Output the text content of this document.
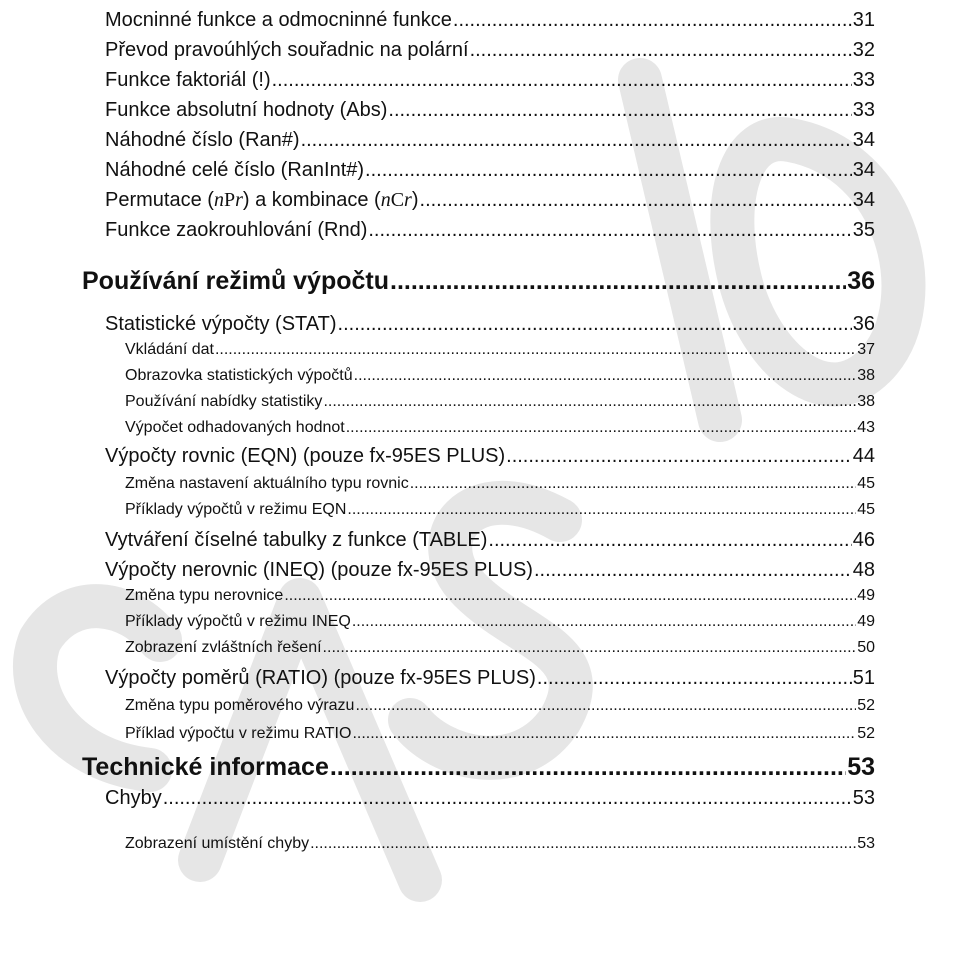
Mocninné funkce a odmocninné funkce .....	31
Převod pravoúhlých souřadnic na polární .....	32
Funkce faktoriál (!) .....	33
Funkce absolutní hodnoty (Abs) .....	33
Náhodné číslo (Ran#) .....	34
Náhodné celé číslo (RanInt#) .....	34
Permutace (nPr) a kombinace (nCr) .....	34
Funkce zaokrouhlování (Rnd) .....	35
Používání režimů výpočtu .....	36
Statistické výpočty (STAT) .....	36
Vkládání dat .....	37
Obrazovka statistických výpočtů .....	38
Používání nabídky statistiky .....	38
Výpočet odhadovaných hodnot .....	43
Výpočty rovnic (EQN) (pouze fx-95ES PLUS) .....	44
Změna nastavení aktuálního typu rovnic .....	45
Příklady výpočtů v režimu EQN .....	45
Vytváření číselné tabulky z funkce (TABLE) .....	46
Výpočty nerovnic (INEQ) (pouze fx-95ES PLUS) .....	48
Změna typu nerovnice .....	49
Příklady výpočtů v režimu INEQ .....	49
Zobrazení zvláštních řešení .....	50
Výpočty poměrů (RATIO) (pouze fx-95ES PLUS) .....	51
Změna typu poměrového výrazu .....	52
Příklad výpočtu v režimu RATIO .....	52
Technické informace .....	53
Chyby .....	53
Zobrazení umístění chyby .....	53
